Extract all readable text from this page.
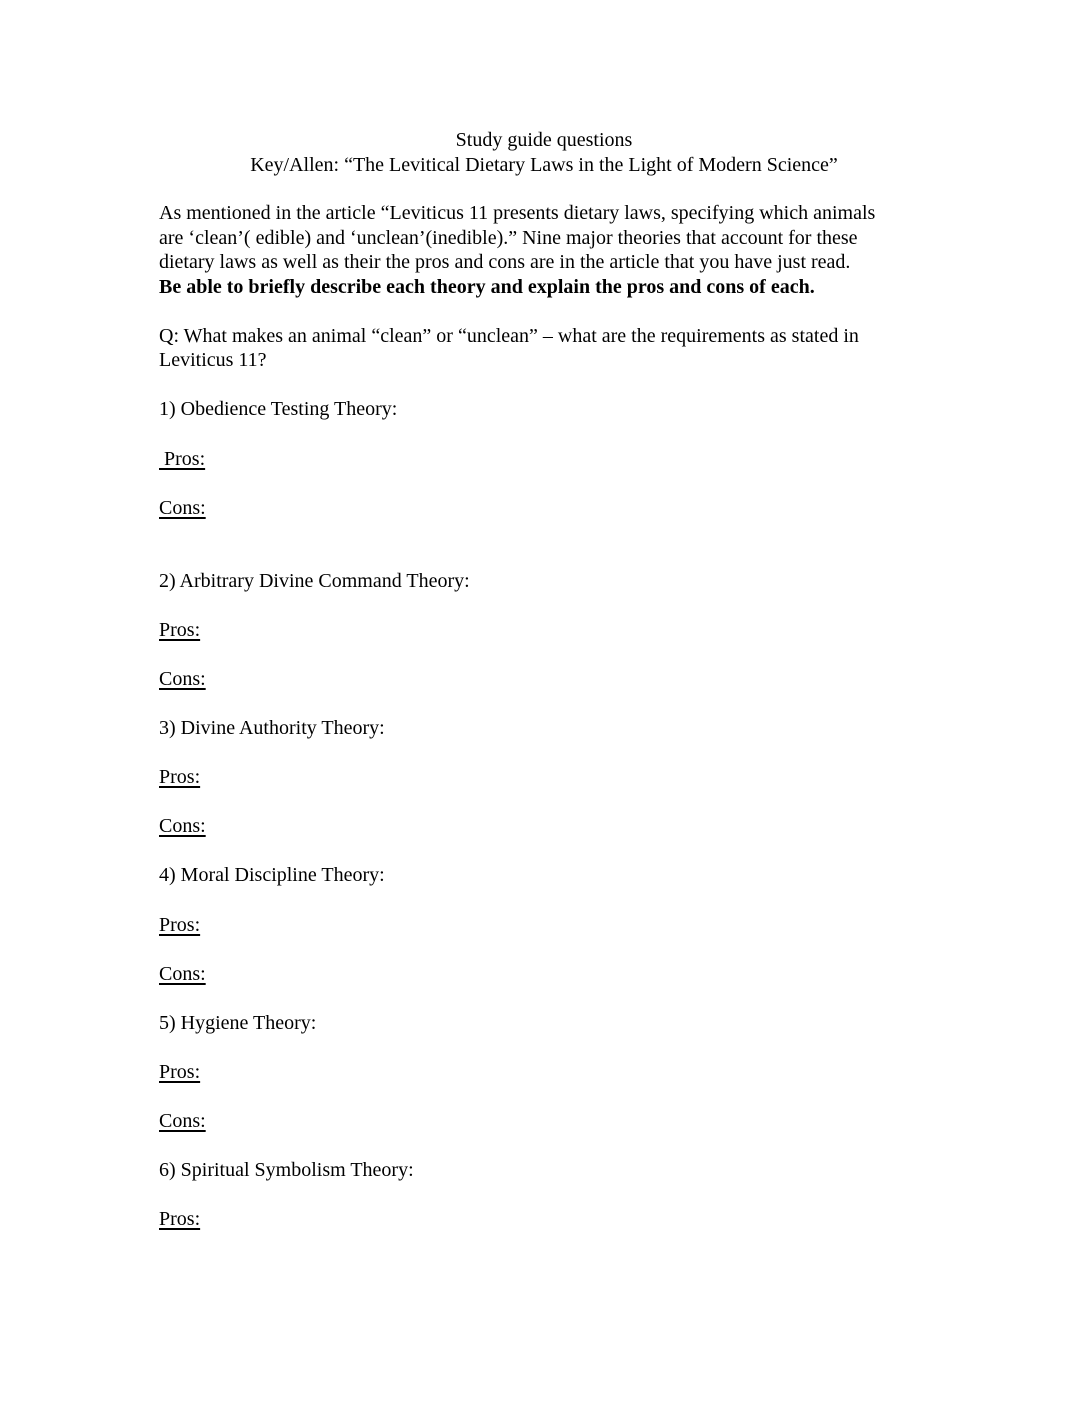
Study guide questions
Key/Allen: “The Levitical Dietary Laws in the Light of Modern Science”
As mentioned in the article “Leviticus 11 presents dietary laws, specifying which animals
are ‘clean’( edible) and ‘unclean’(inedible).” Nine major theories that account for these
dietary laws as well as their the pros and cons are in the article that you have just read.
Be able to briefly describe each theory and explain the pros and cons of each.
Q: What makes an animal “clean” or “unclean” – what are the requirements as stated in
Leviticus 11?
1) Obedience Testing Theory:
Pros:
Cons:
2) Arbitrary Divine Command Theory:
Pros:
Cons:
3) Divine Authority Theory:
Pros:
Cons:
4) Moral Discipline Theory:
Pros:
Cons:
5) Hygiene Theory:
Pros:
Cons:
6) Spiritual Symbolism Theory:
Pros:
